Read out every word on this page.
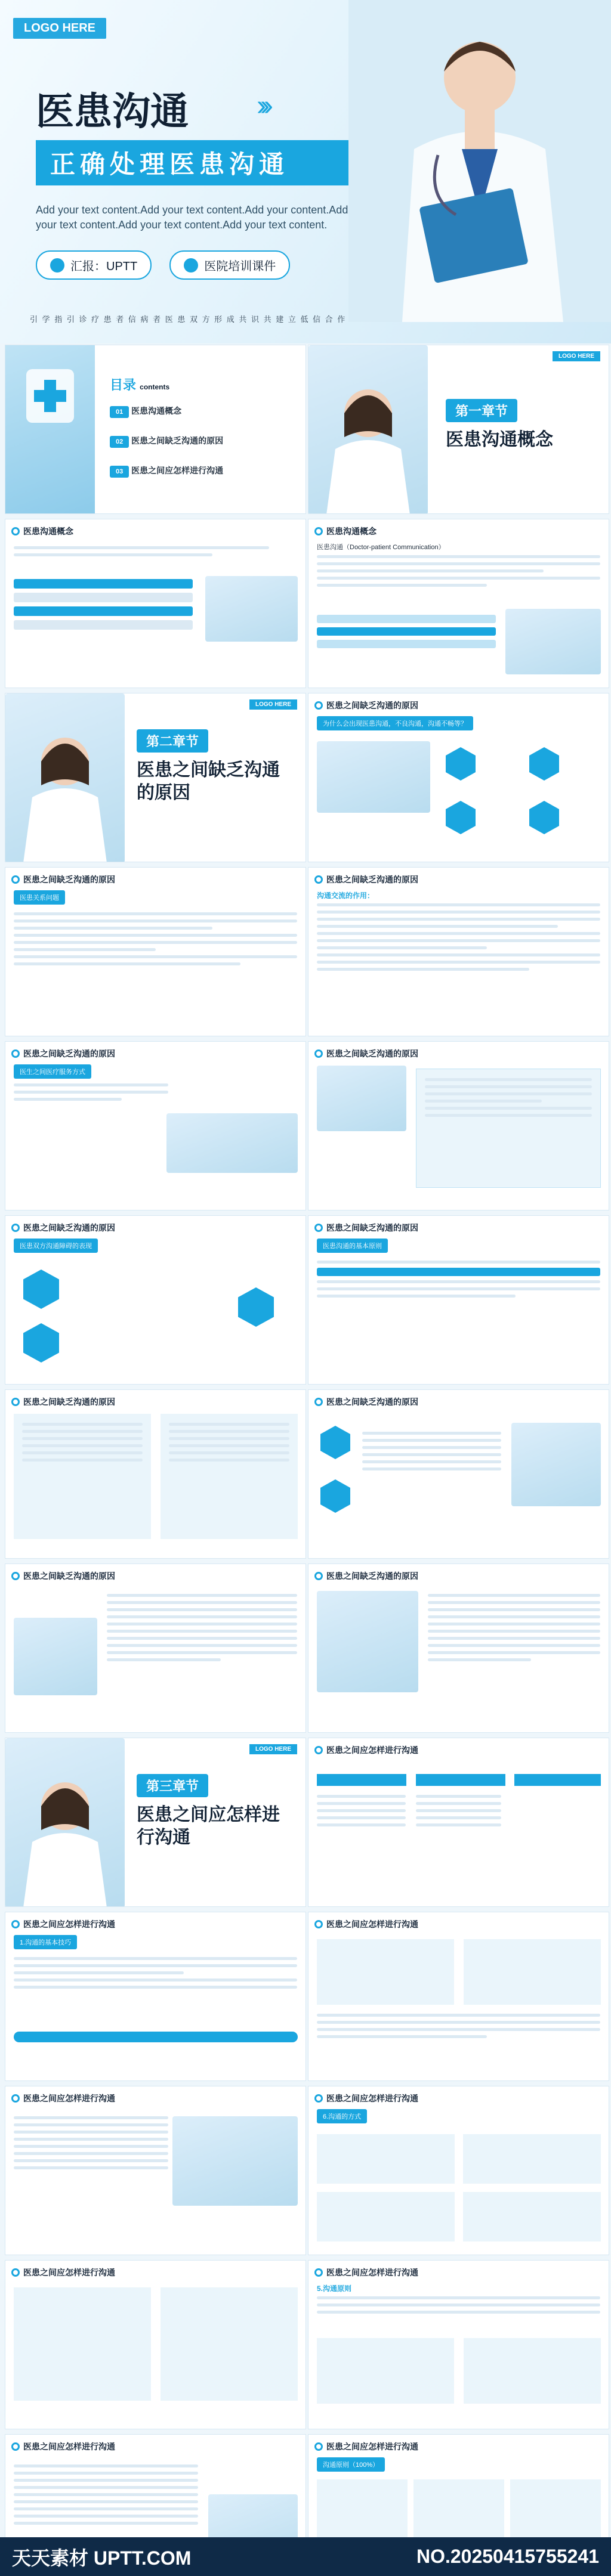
LOGO HERE
医患沟通 ›››
正确处理医患沟通
Add your text content.Add your text content.Add your content.Add your text content.Add your text content.Add your text content.
汇报：UPTT	医院培训课件
引 学 指 引 诊 疗 患 者 信 病 者 医 患 双 方 形 成 共 识 共 建 立 低 信 合 作
目录 contents
01 医患沟通概念
02 医患之间缺乏沟通的原因
03 医患之间应怎样进行沟通
LOGO HERE
第一章节
医患沟通概念
医患沟通概念	医患沟通概念
医患沟通（Doctor-patient Communication）
LOGO HERE
第二章节
医患之间缺乏沟通的原因
医患之间缺乏沟通的原因
为什么会出现医患沟通，不良沟通，沟通不畅等？
医患之间缺乏沟通的原因
医患关系问题
医患之间缺乏沟通的原因
沟通交流的作用：
医患之间缺乏沟通的原因
医生之间医疗服务方式
医患之间缺乏沟通的原因
医患之间缺乏沟通的原因
医患双方沟通障碍的表现
医患之间缺乏沟通的原因
医患沟通的基本原则
医患之间缺乏沟通的原因	医患之间缺乏沟通的原因
医患之间缺乏沟通的原因	医患之间缺乏沟通的原因
LOGO HERE
第三章节
医患之间应怎样进行沟通
医患之间应怎样进行沟通
医患之间应怎样进行沟通
1.沟通的基本技巧
医患之间应怎样进行沟通
医患之间应怎样进行沟通	医患之间应怎样进行沟通
6.沟通的方式
医患之间应怎样进行沟通	医患之间应怎样进行沟通
5.沟通原则
医患之间应怎样进行沟通	医患之间应怎样进行沟通
沟通原则（100%）
天天素材 UPTT.COM	NO.20250415755241
